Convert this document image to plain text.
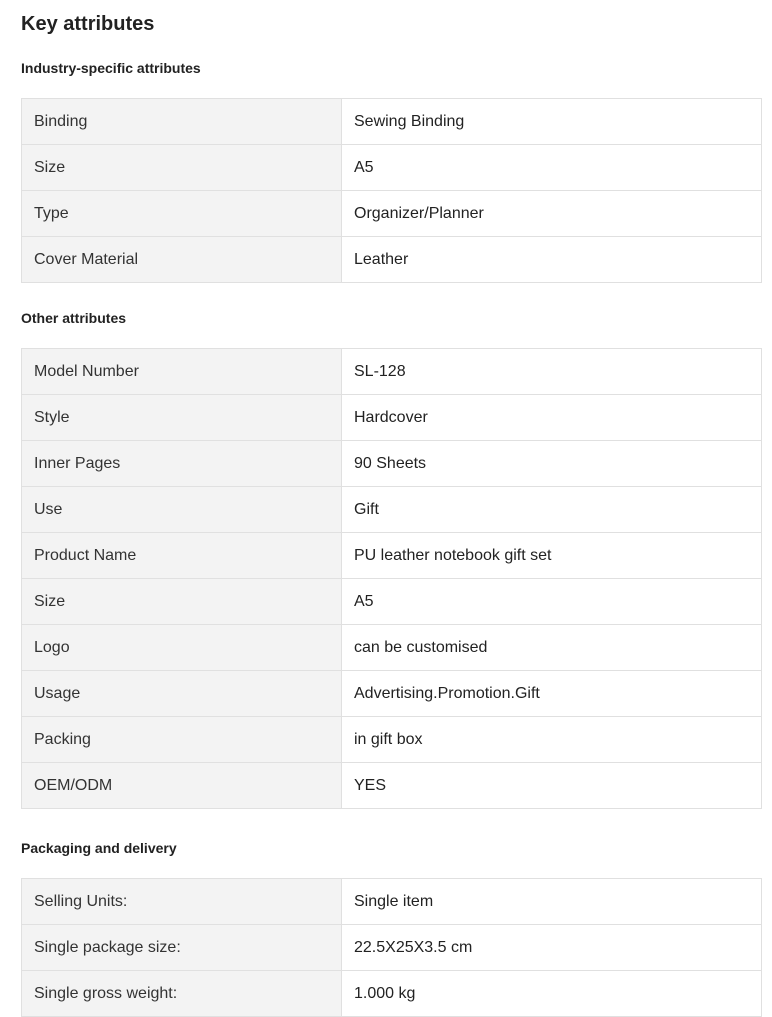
Key attributes
Industry-specific attributes
Binding	Sewing Binding
Size	A5
Type	Organizer/Planner
Cover Material	Leather
Other attributes
Model Number	SL-128
Style	Hardcover
Inner Pages	90 Sheets
Use	Gift
Product Name	PU leather notebook gift set
Size	A5
Logo	can be customised
Usage	Advertising.Promotion.Gift
Packing	in gift box
OEM/ODM	YES
Packaging and delivery
Selling Units:	Single item
Single package size:	22.5X25X3.5 cm
Single gross weight:	1.000 kg
